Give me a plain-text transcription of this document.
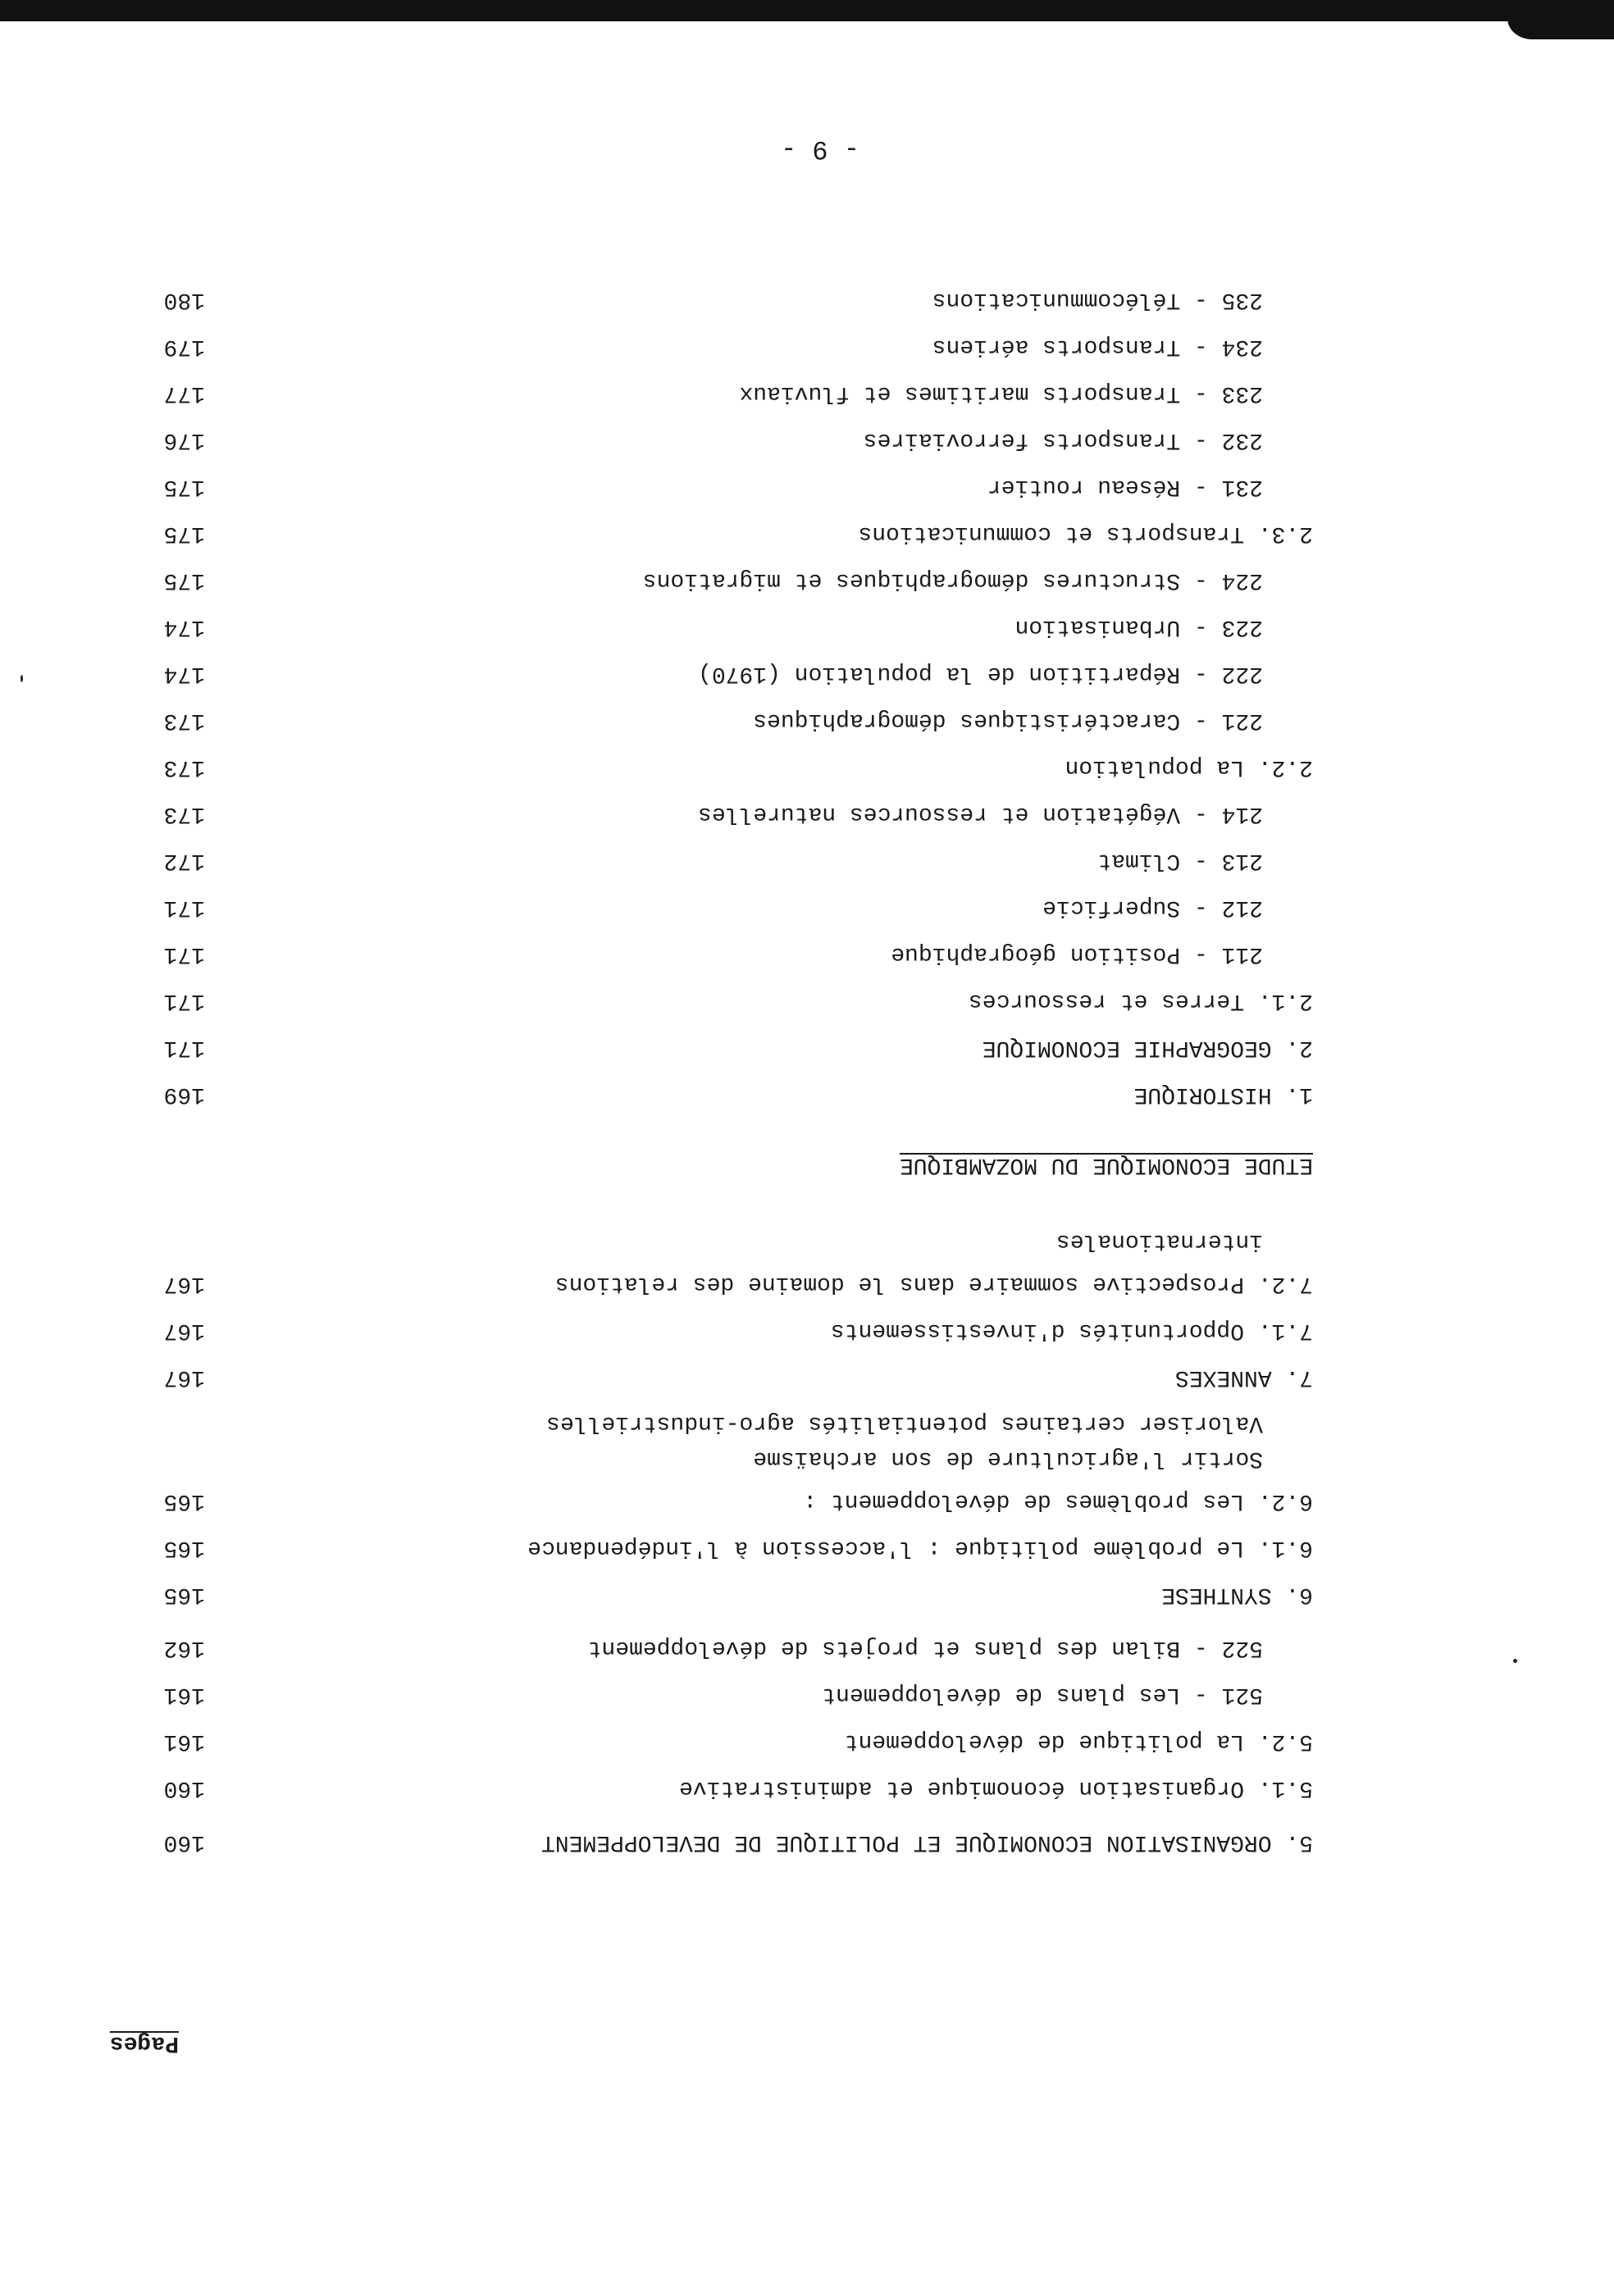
Pages

5. ORGANISATION ECONOMIQUE ET POLITIQUE DE DEVELOPPEMENT

160

5.1. Organisation économique et administrative

160

5.2. La politique de développement

161

521 - Les plans de développement

161

522 - Bilan des plans et projets de développement

162

6. SYNTHESE

165

6.1. Le problème politique : l'accession à l'indépendance

165

6.2. Les problèmes de développement :

165

Sortir l'agriculture de son archaïsme

Valoriser certaines potentialités agro-industrielles

7. ANNEXES

167

7.1. Opportunités d'investissements

167

7.2. Prospective sommaire dans le domaine des relations

167

internationales

ETUDE ECONOMIQUE DU MOZAMBIQUE

1. HISTORIQUE

169

2. GEOGRAPHIE ECONOMIQUE

171

2.1. Terres et ressources

171

211 - Position géographique

171

212 - Superficie

171

213 - Climat

172

214 - Végétation et ressources naturelles

173

2.2. La population

173

221 - Caractéristiques démographiques

173

222 - Répartition de la population (1970)

174

223 - Urbanisation

174

224 - Structures démographiques et migrations

175

2.3. Transports et communications

175

231 - Réseau routier

175

232 - Transports ferroviaires

176

233 - Transports maritimes et fluviaux

177

234 - Transports aériens

179

235 - Télécommunications

180

- 9 -
